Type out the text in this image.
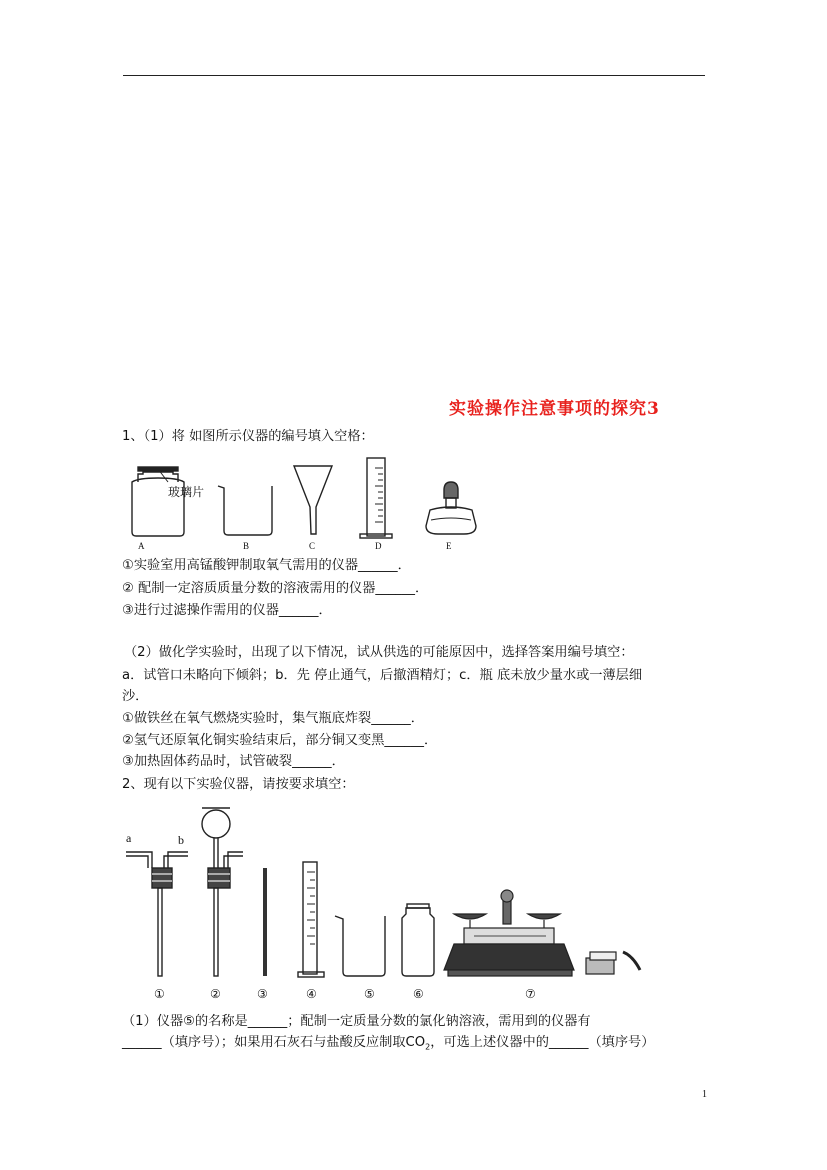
实验操作注意事项的探究3
1、（1）将 如图所示仪器的编号填入空格：
玻璃片
A	B	C	D	E
①实验室用高锰酸钾制取氧气需用的仪器______．
② 配制一定溶质质量分数的溶液需用的仪器______．
③进行过滤操作需用的仪器______．
（2）做化学实验时，出现了以下情况，试从供选的可能原因中，选择答案用编号填空：
a．试管口未略向下倾斜；b．先 停止通气，后撤酒精灯；c．瓶 底未放少量水或一薄层细
沙．
①做铁丝在氧气燃烧实验时，集气瓶底炸裂______．
②氢气还原氧化铜实验结束后，部分铜又变黑______．
③加热固体药品时，试管破裂______．
2、现有以下实验仪器，请按要求填空：
a	b
①	②	③	④	⑤	⑥	⑦
（1）仪器⑤的名称是______；配制一定质量分数的氯化钠溶液，需用到的仪器有
______（填序号）；如果用石灰石与盐酸反应制取$CO_2$，可选上述仪器中的______（填序号）
1
